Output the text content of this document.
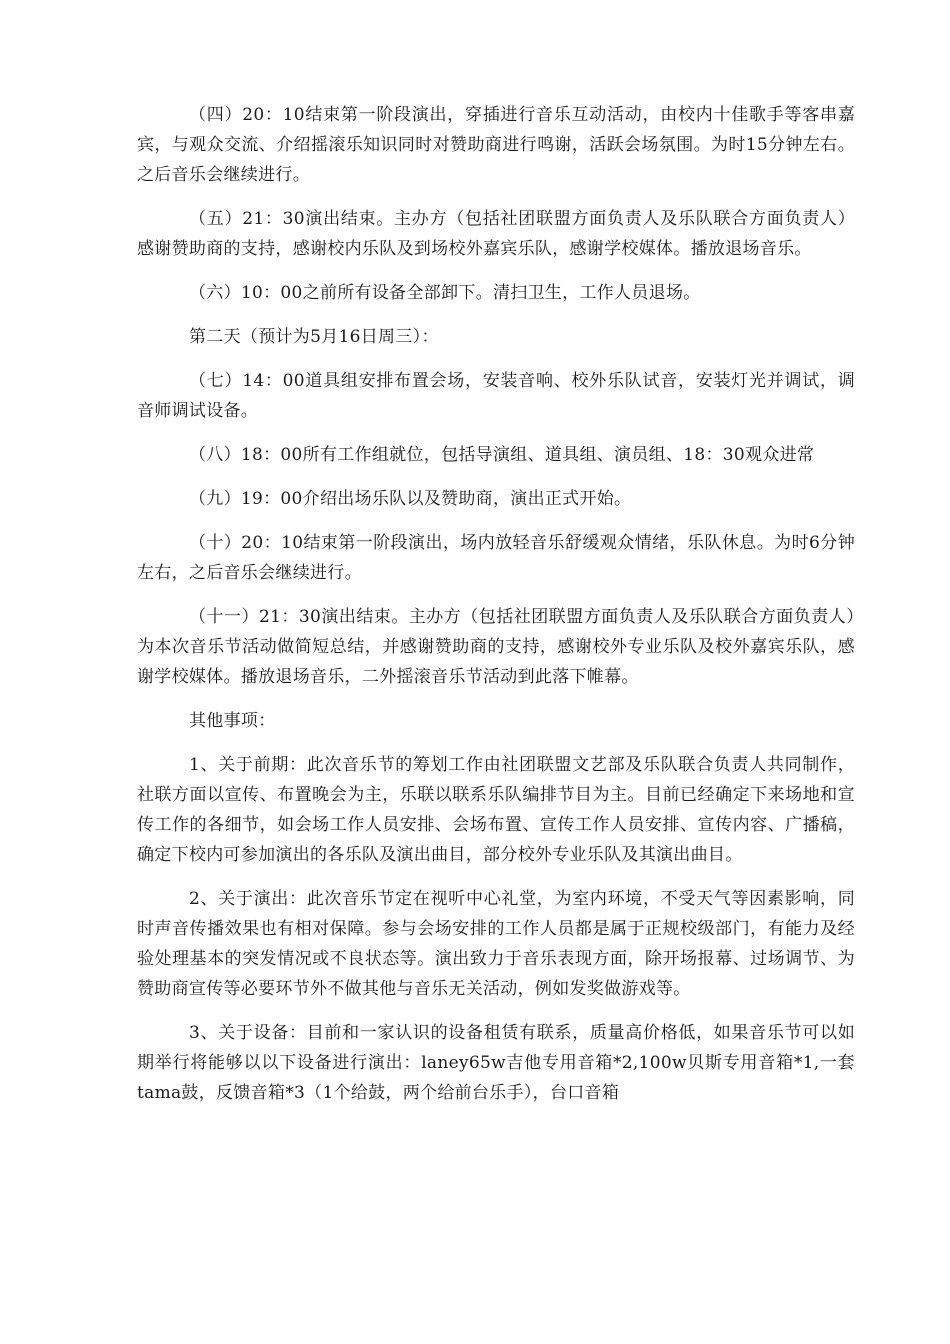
（四）20：10结束第一阶段演出，穿插进行音乐互动活动，由校内十佳歌手等客串嘉宾，与观众交流、介绍摇滚乐知识同时对赞助商进行鸣谢，活跃会场氛围。为时15分钟左右。之后音乐会继续进行。

（五）21：30演出结束。主办方（包括社团联盟方面负责人及乐队联合方面负责人）感谢赞助商的支持，感谢校内乐队及到场校外嘉宾乐队，感谢学校媒体。播放退场音乐。

（六）10：00之前所有设备全部卸下。清扫卫生，工作人员退场。

第二天（预计为5月16日周三）：

（七）14：00道具组安排布置会场，安装音响、校外乐队试音，安装灯光并调试，调音师调试设备。

（八）18：00所有工作组就位，包括导演组、道具组、演员组、18：30观众进常

（九）19：00介绍出场乐队以及赞助商，演出正式开始。

（十）20：10结束第一阶段演出，场内放轻音乐舒缓观众情绪，乐队休息。为时6分钟左右，之后音乐会继续进行。

（十一）21：30演出结束。主办方（包括社团联盟方面负责人及乐队联合方面负责人）为本次音乐节活动做简短总结，并感谢赞助商的支持，感谢校外专业乐队及校外嘉宾乐队，感谢学校媒体。播放退场音乐，二外摇滚音乐节活动到此落下帷幕。

其他事项：

1、关于前期：此次音乐节的筹划工作由社团联盟文艺部及乐队联合负责人共同制作，社联方面以宣传、布置晚会为主，乐联以联系乐队编排节目为主。目前已经确定下来场地和宣传工作的各细节，如会场工作人员安排、会场布置、宣传工作人员安排、宣传内容、广播稿，确定下校内可参加演出的各乐队及演出曲目，部分校外专业乐队及其演出曲目。

2、关于演出：此次音乐节定在视听中心礼堂，为室内环境，不受天气等因素影响，同时声音传播效果也有相对保障。参与会场安排的工作人员都是属于正规校级部门，有能力及经验处理基本的突发情况或不良状态等。演出致力于音乐表现方面，除开场报幕、过场调节、为赞助商宣传等必要环节外不做其他与音乐无关活动，例如发奖做游戏等。

3、关于设备：目前和一家认识的设备租赁有联系，质量高价格低，如果音乐节可以如期举行将能够以以下设备进行演出：laney65w吉他专用音箱*2,100w贝斯专用音箱*1,一套tama鼓，反馈音箱*3（1个给鼓，两个给前台乐手），台口音箱
